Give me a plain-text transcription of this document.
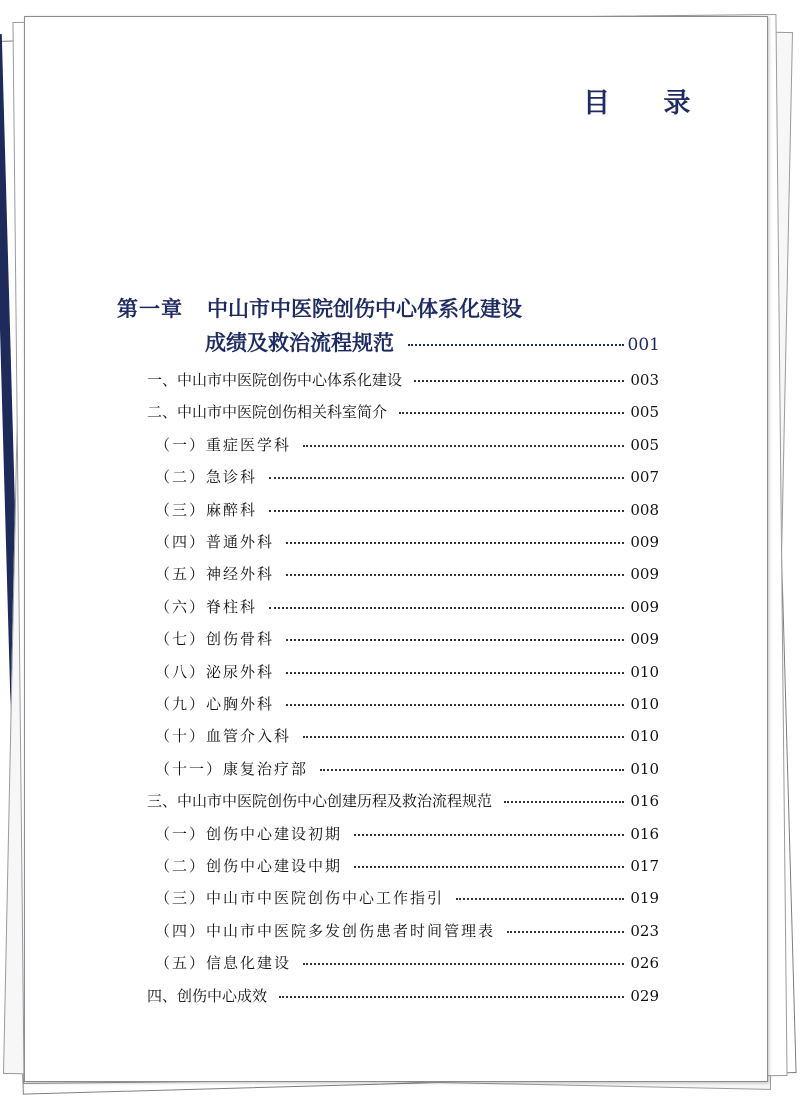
目 录
第一章 中山市中医院创伤中心体系化建设
成绩及救治流程规范	001
一、中山市中医院创伤中心体系化建设	003
二、中山市中医院创伤相关科室简介	005
（一）重症医学科	005
（二）急诊科	007
（三）麻醉科	008
（四）普通外科	009
（五）神经外科	009
（六）脊柱科	009
（七）创伤骨科	009
（八）泌尿外科	010
（九）心胸外科	010
（十）血管介入科	010
（十一）康复治疗部	010
三、中山市中医院创伤中心创建历程及救治流程规范	016
（一）创伤中心建设初期	016
（二）创伤中心建设中期	017
（三）中山市中医院创伤中心工作指引	019
（四）中山市中医院多发创伤患者时间管理表	023
（五）信息化建设	026
四、创伤中心成效	029
